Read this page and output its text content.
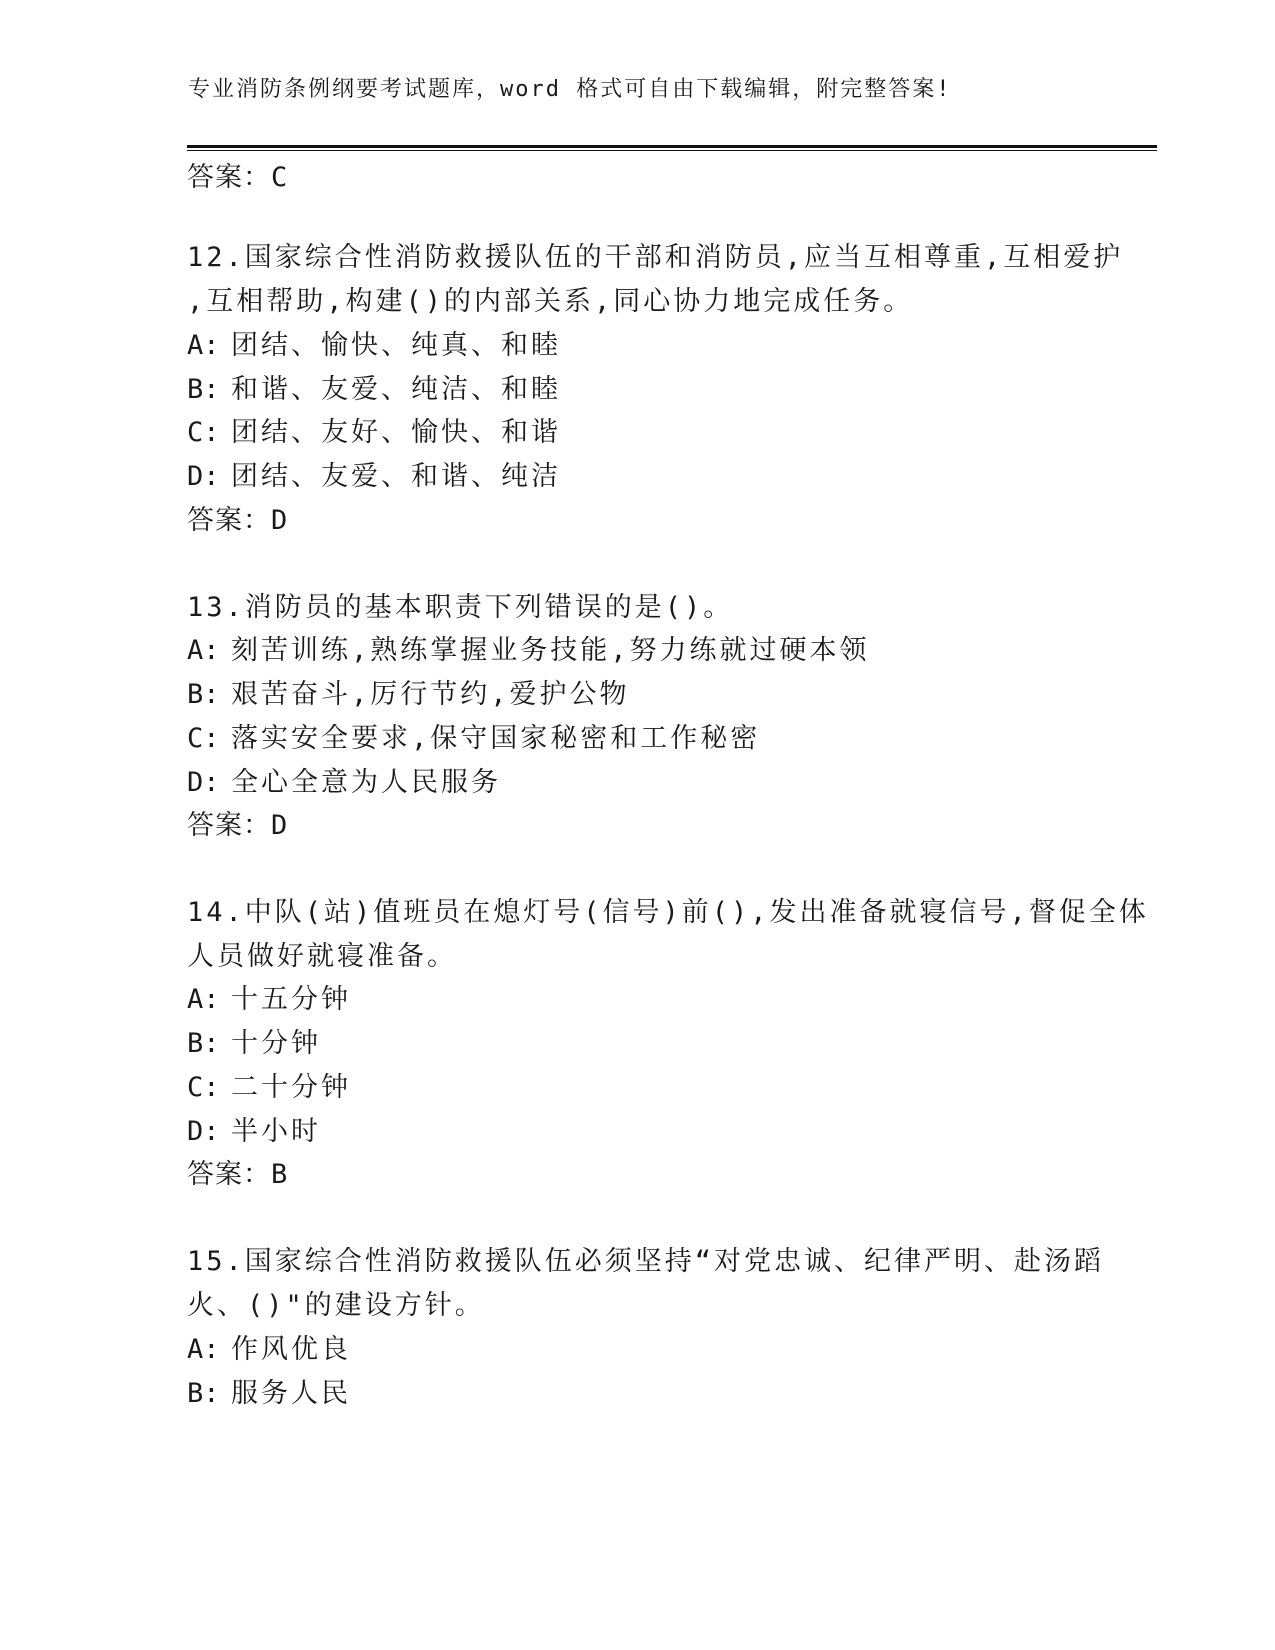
专业消防条例纲要考试题库，word 格式可自由下载编辑，附完整答案!
答案：C
12.国家综合性消防救援队伍的干部和消防员,应当互相尊重,互相爱护
,互相帮助,构建()的内部关系,同心协力地完成任务。
A: 团结、愉快、纯真、和睦
B: 和谐、友爱、纯洁、和睦
C: 团结、友好、愉快、和谐
D: 团结、友爱、和谐、纯洁
答案：D
13.消防员的基本职责下列错误的是()。
A: 刻苦训练,熟练掌握业务技能,努力练就过硬本领
B: 艰苦奋斗,厉行节约,爱护公物
C: 落实安全要求,保守国家秘密和工作秘密
D: 全心全意为人民服务
答案：D
14.中队(站)值班员在熄灯号(信号)前(),发出准备就寝信号,督促全体
人员做好就寝准备。
A: 十五分钟
B: 十分钟
C: 二十分钟
D: 半小时
答案：B
15.国家综合性消防救援队伍必须坚持“对党忠诚、纪律严明、赴汤蹈
火、()"的建设方针。
A: 作风优良
B: 服务人民
